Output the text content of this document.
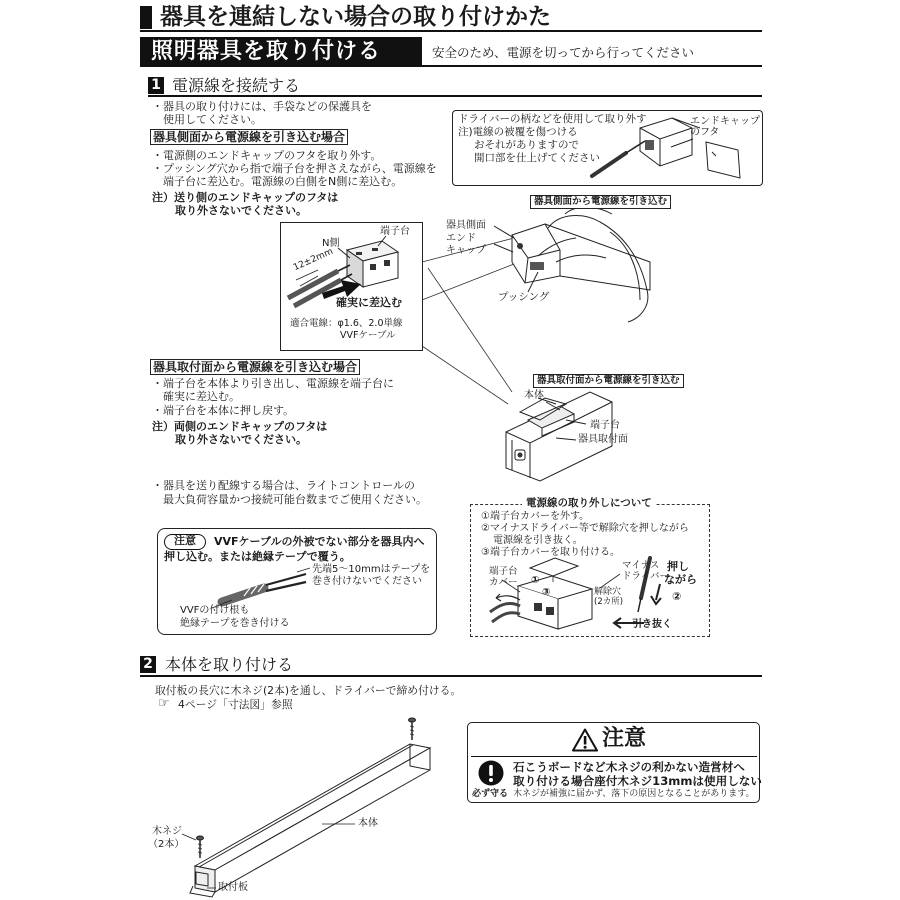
器具を連結しない場合の取り付けかた
照明器具を取り付ける	安全のため、電源を切ってから行ってください
1 電源線を接続する
・器具の取り付けには、手袋などの保護具を
使用してください。
器具側面から電源線を引き込む場合
・電源側のエンドキャップのフタを取り外す。
・プッシング穴から指で端子台を押さえながら、電源線を
端子台に差込む。電源線の白側をN側に差込む。
注）送り側のエンドキャップのフタは
取り外さないでください。
ドライバーの柄などを使用して取り外す
注)電線の被覆を傷つける
おそれがありますので
開口部を仕上げてください
エンドキャップ
のフタ
器具側面から電源線を引き込む
端子台
N側
12±2mm
確実に差込む
適合電線：φ1.6、2.0単線
VVFケーブル
器具側面
エンド
キャップ
プッシング
器具取付面から電源線を引き込む場合
・端子台を本体より引き出し、電源線を端子台に
確実に差込む。
・端子台を本体に押し戻す。
注）両側のエンドキャップのフタは
取り外さないでください。
器具取付面から電源線を引き込む
本体
端子台
器具取付面
・器具を送り配線する場合は、ライトコントロールの
最大負荷容量かつ接続可能台数までご使用ください。
注意	VVFケーブルの外被でない部分を器具内へ
押し込む。または絶縁テープで覆う。
先端5～10mmはテープを
巻き付けないでください
VVFの付け根も
絶縁テープを巻き付ける
電源線の取り外しについて
①端子台カバーを外す。
②マイナスドライバー等で解除穴を押しながら
電源線を引き抜く。
③端子台カバーを取り付ける。
端子台
カバー
マイナス
ドライバー
解除穴
(2カ所)
押し
ながら
②
①
③
引き抜く
2 本体を取り付ける
取付板の長穴に木ネジ(2本)を通し、ドライバーで締め付ける。
☞
4ページ「寸法図」参照
本体
木ネジ
（2本）
取付板
注意
必ず守る
石こうボードなど木ネジの利かない造営材へ
取り付ける場合座付木ネジ13mmは使用しない
木ネジが補強に届かず、落下の原因となることがあります。
